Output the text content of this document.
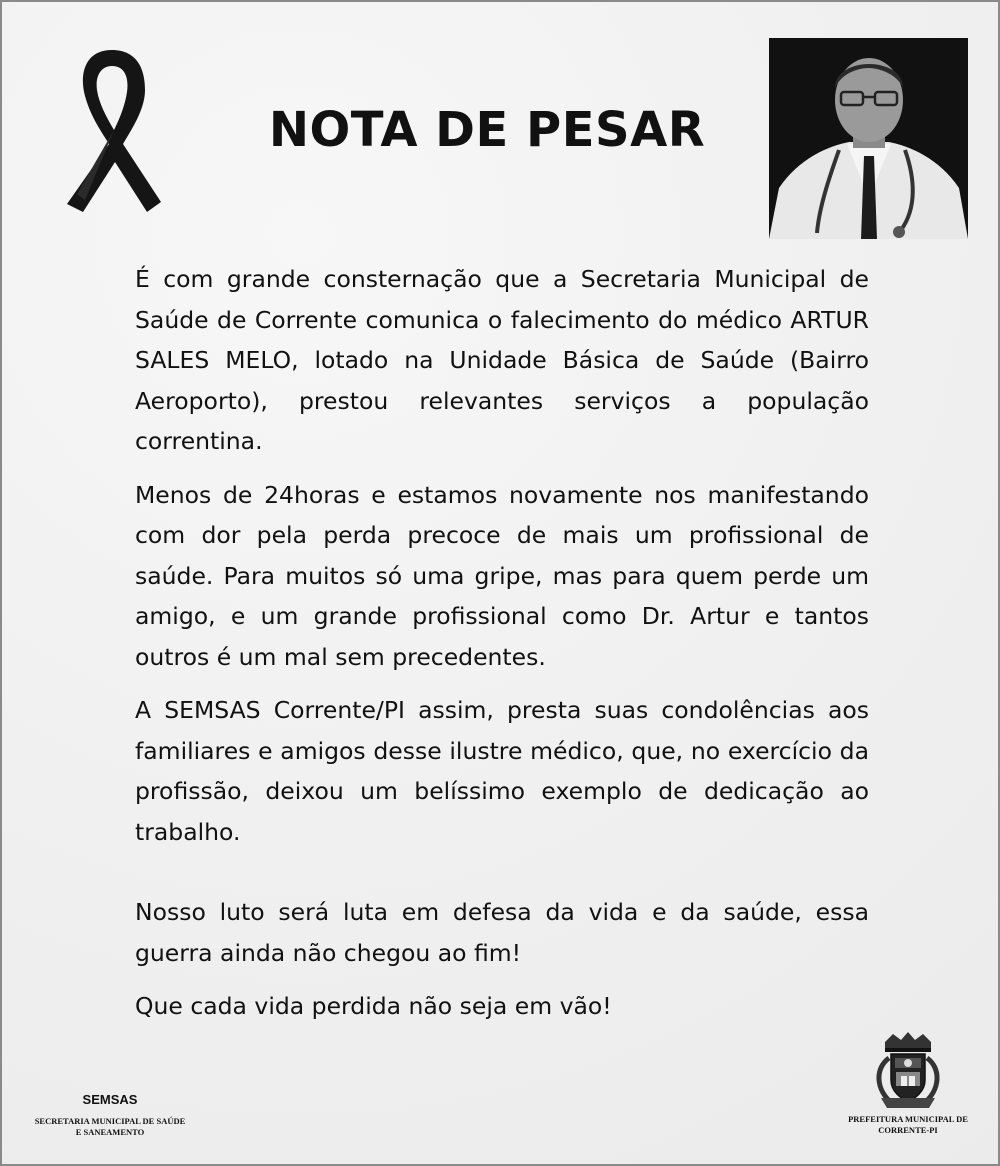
NOTA DE PESAR

É com grande consternação que a Secretaria Municipal de Saúde de Corrente comunica o falecimento do médico ARTUR SALES MELO, lotado na Unidade Básica de Saúde (Bairro Aeroporto), prestou relevantes serviços a população correntina.

Menos de 24horas e estamos novamente nos manifestando com dor pela perda precoce de mais um profissional de saúde. Para muitos só uma gripe, mas para quem perde um amigo, e um grande profissional como Dr. Artur e tantos outros é um mal sem precedentes.

A SEMSAS Corrente/PI assim, presta suas condolências aos familiares e amigos desse ilustre médico, que, no exercício da profissão, deixou um belíssimo exemplo de dedicação ao trabalho.

Nosso luto será luta em defesa da vida e da saúde, essa guerra ainda não chegou ao fim!

Que cada vida perdida não seja em vão!

SEMSAS
SECRETARIA MUNICIPAL DE SAÚDE
E SANEAMENTO
PREFEITURA MUNICIPAL DE
CORRENTE-PI
